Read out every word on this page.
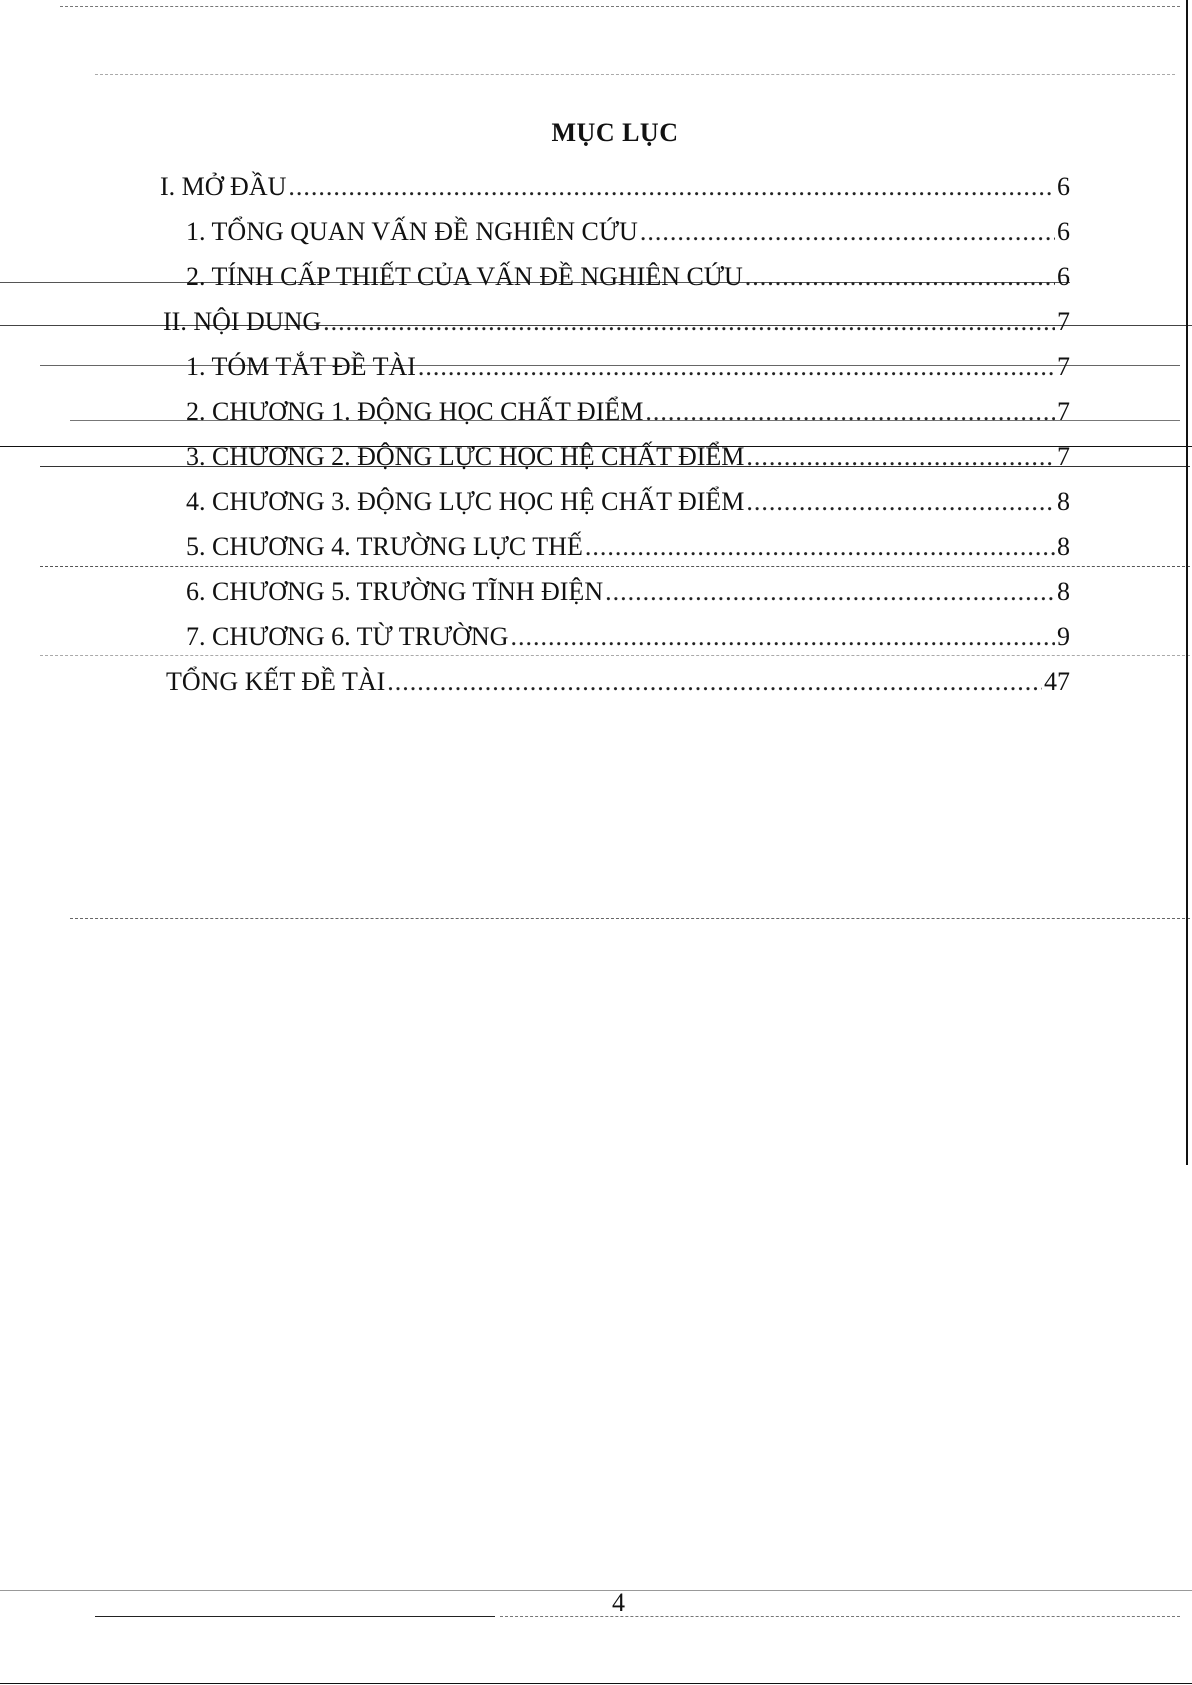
MỤC LỤC
I. MỞ ĐẦU .....	6
1. TỔNG QUAN VẤN ĐỀ NGHIÊN CỨU .....	6
2. TÍNH CẤP THIẾT CỦA VẤN ĐỀ NGHIÊN CỨU .....	6
II. NỘI DUNG .....	7
1. TÓM TẮT ĐỀ TÀI .....	7
2. CHƯƠNG 1. ĐỘNG HỌC CHẤT ĐIỂM .....	7
3. CHƯƠNG 2. ĐỘNG LỰC HỌC HỆ CHẤT ĐIỂM .....	7
4. CHƯƠNG 3. ĐỘNG LỰC HỌC HỆ CHẤT ĐIỂM .....	8
5. CHƯƠNG 4. TRƯỜNG LỰC THẾ .....	8
6. CHƯƠNG 5. TRƯỜNG TĨNH ĐIỆN .....	8
7. CHƯƠNG 6. TỪ TRƯỜNG .....	9
TỔNG KẾT ĐỀ TÀI .....	47
4
